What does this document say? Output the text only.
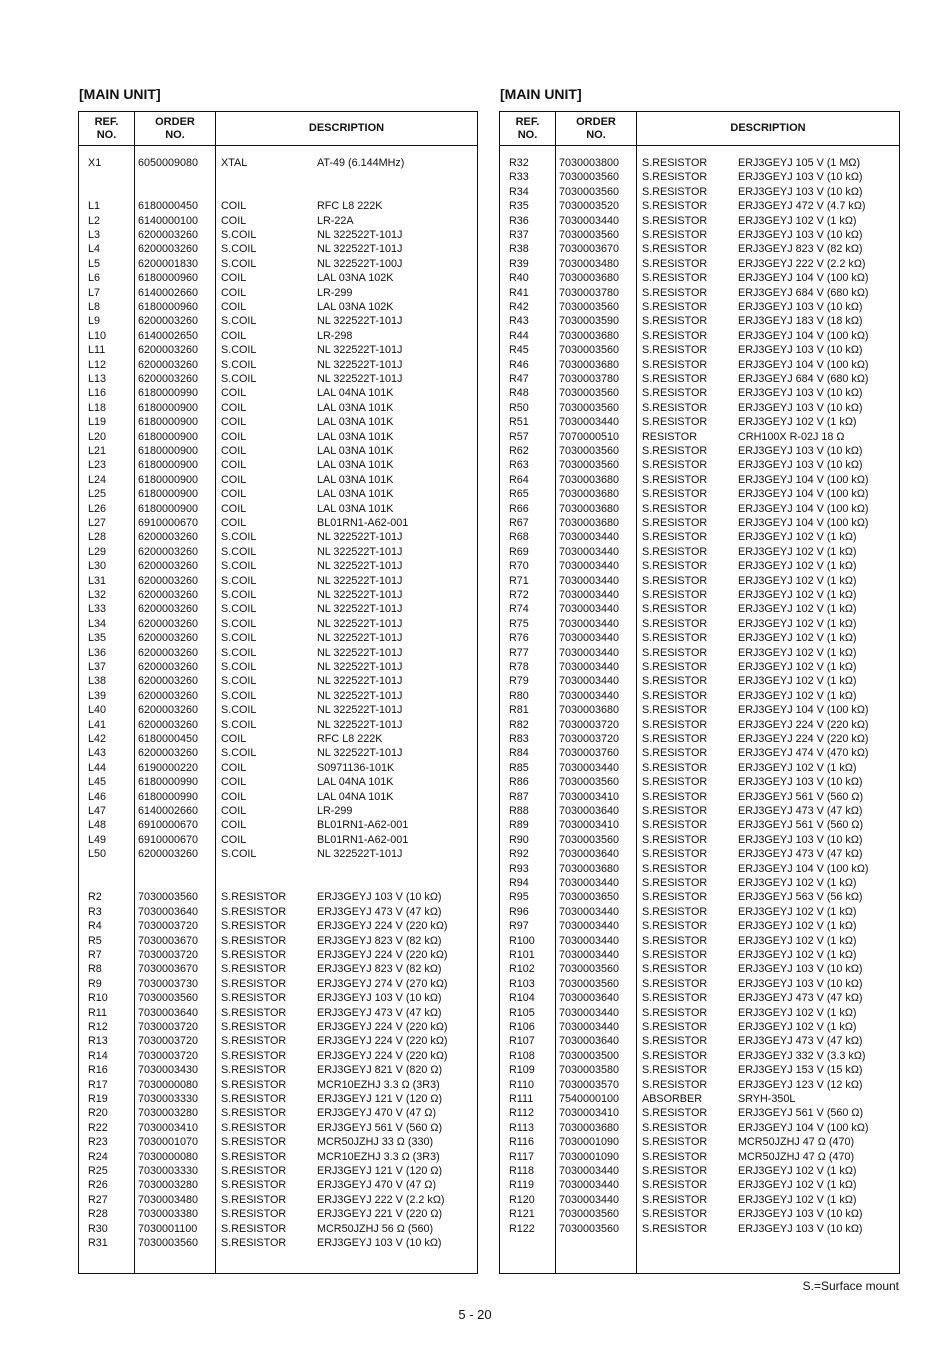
[MAIN UNIT]
REF.
NO.
ORDER
NO.
DESCRIPTION
X1	6050009080 XTAL	AT-49 (6.144MHz)
L1	6180000450 COIL	RFC L8 222K
L2	6140000100 COIL	LR-22A
L3	6200003260 S.COIL	NL 322522T-101J
L4	6200003260 S.COIL	NL 322522T-101J
L5	6200001830 S.COIL	NL 322522T-100J
L6	6180000960 COIL	LAL 03NA 102K
L7	6140002660 COIL	LR-299
L8	6180000960 COIL	LAL 03NA 102K
L9	6200003260 S.COIL	NL 322522T-101J
L10	6140002650 COIL	LR-298
L11	6200003260 S.COIL	NL 322522T-101J
L12	6200003260 S.COIL	NL 322522T-101J
L13	6200003260 S.COIL	NL 322522T-101J
L16	6180000990 COIL	LAL 04NA 101K
L18	6180000900 COIL	LAL 03NA 101K
L19	6180000900 COIL	LAL 03NA 101K
L20	6180000900 COIL	LAL 03NA 101K
L21	6180000900 COIL	LAL 03NA 101K
L23	6180000900 COIL	LAL 03NA 101K
L24	6180000900 COIL	LAL 03NA 101K
L25	6180000900 COIL	LAL 03NA 101K
L26	6180000900 COIL	LAL 03NA 101K
L27	6910000670 COIL	BL01RN1-A62-001
L28	6200003260 S.COIL	NL 322522T-101J
L29	6200003260 S.COIL	NL 322522T-101J
L30	6200003260 S.COIL	NL 322522T-101J
L31	6200003260 S.COIL	NL 322522T-101J
L32	6200003260 S.COIL	NL 322522T-101J
L33	6200003260 S.COIL	NL 322522T-101J
L34	6200003260 S.COIL	NL 322522T-101J
L35	6200003260 S.COIL	NL 322522T-101J
L36	6200003260 S.COIL	NL 322522T-101J
L37	6200003260 S.COIL	NL 322522T-101J
L38	6200003260 S.COIL	NL 322522T-101J
L39	6200003260 S.COIL	NL 322522T-101J
L40	6200003260 S.COIL	NL 322522T-101J
L41	6200003260 S.COIL	NL 322522T-101J
L42	6180000450 COIL	RFC L8 222K
L43	6200003260 S.COIL	NL 322522T-101J
L44	6190000220 COIL	S0971136-101K
L45	6180000990 COIL	LAL 04NA 101K
L46	6180000990 COIL	LAL 04NA 101K
L47	6140002660 COIL	LR-299
L48	6910000670 COIL	BL01RN1-A62-001
L49	6910000670 COIL	BL01RN1-A62-001
L50	6200003260 S.COIL	NL 322522T-101J
R2	7030003560 S.RESISTOR	ERJ3GEYJ 103 V (10 kΩ)
R3	7030003640 S.RESISTOR	ERJ3GEYJ 473 V (47 kΩ)
R4	7030003720 S.RESISTOR	ERJ3GEYJ 224 V (220 kΩ)
R5	7030003670 S.RESISTOR	ERJ3GEYJ 823 V (82 kΩ)
R7	7030003720 S.RESISTOR	ERJ3GEYJ 224 V (220 kΩ)
R8	7030003670 S.RESISTOR	ERJ3GEYJ 823 V (82 kΩ)
R9	7030003730 S.RESISTOR	ERJ3GEYJ 274 V (270 kΩ)
R10	7030003560 S.RESISTOR	ERJ3GEYJ 103 V (10 kΩ)
R11	7030003640 S.RESISTOR	ERJ3GEYJ 473 V (47 kΩ)
R12	7030003720 S.RESISTOR	ERJ3GEYJ 224 V (220 kΩ)
R13	7030003720 S.RESISTOR	ERJ3GEYJ 224 V (220 kΩ)
R14	7030003720 S.RESISTOR	ERJ3GEYJ 224 V (220 kΩ)
R16	7030003430 S.RESISTOR	ERJ3GEYJ 821 V (820 Ω)
R17	7030000080 S.RESISTOR	MCR10EZHJ 3.3 Ω (3R3)
R19	7030003330 S.RESISTOR	ERJ3GEYJ 121 V (120 Ω)
R20	7030003280 S.RESISTOR	ERJ3GEYJ 470 V (47 Ω)
R22	7030003410 S.RESISTOR	ERJ3GEYJ 561 V (560 Ω)
R23	7030001070 S.RESISTOR	MCR50JZHJ 33 Ω (330)
R24	7030000080 S.RESISTOR	MCR10EZHJ 3.3 Ω (3R3)
R25	7030003330 S.RESISTOR	ERJ3GEYJ 121 V (120 Ω)
R26	7030003280 S.RESISTOR	ERJ3GEYJ 470 V (47 Ω)
R27	7030003480 S.RESISTOR	ERJ3GEYJ 222 V (2.2 kΩ)
R28	7030003380 S.RESISTOR	ERJ3GEYJ 221 V (220 Ω)
R30	7030001100 S.RESISTOR	MCR50JZHJ 56 Ω (560)
R31	7030003560 S.RESISTOR	ERJ3GEYJ 103 V (10 kΩ)
[MAIN UNIT]
REF.
NO.
ORDER
NO.
DESCRIPTION
R32	7030003800 S.RESISTOR	ERJ3GEYJ 105 V (1 MΩ)
R33	7030003560 S.RESISTOR	ERJ3GEYJ 103 V (10 kΩ)
R34	7030003560 S.RESISTOR	ERJ3GEYJ 103 V (10 kΩ)
R35	7030003520 S.RESISTOR	ERJ3GEYJ 472 V (4.7 kΩ)
R36	7030003440 S.RESISTOR	ERJ3GEYJ 102 V (1 kΩ)
R37	7030003560 S.RESISTOR	ERJ3GEYJ 103 V (10 kΩ)
R38	7030003670 S.RESISTOR	ERJ3GEYJ 823 V (82 kΩ)
R39	7030003480 S.RESISTOR	ERJ3GEYJ 222 V (2.2 kΩ)
R40	7030003680 S.RESISTOR	ERJ3GEYJ 104 V (100 kΩ)
R41	7030003780 S.RESISTOR	ERJ3GEYJ 684 V (680 kΩ)
R42	7030003560 S.RESISTOR	ERJ3GEYJ 103 V (10 kΩ)
R43	7030003590 S.RESISTOR	ERJ3GEYJ 183 V (18 kΩ)
R44	7030003680 S.RESISTOR	ERJ3GEYJ 104 V (100 kΩ)
R45	7030003560 S.RESISTOR	ERJ3GEYJ 103 V (10 kΩ)
R46	7030003680 S.RESISTOR	ERJ3GEYJ 104 V (100 kΩ)
R47	7030003780 S.RESISTOR	ERJ3GEYJ 684 V (680 kΩ)
R48	7030003560 S.RESISTOR	ERJ3GEYJ 103 V (10 kΩ)
R50	7030003560 S.RESISTOR	ERJ3GEYJ 103 V (10 kΩ)
R51	7030003440 S.RESISTOR	ERJ3GEYJ 102 V (1 kΩ)
R57	7070000510 RESISTOR	CRH100X R-02J 18 Ω
R62	7030003560 S.RESISTOR	ERJ3GEYJ 103 V (10 kΩ)
R63	7030003560 S.RESISTOR	ERJ3GEYJ 103 V (10 kΩ)
R64	7030003680 S.RESISTOR	ERJ3GEYJ 104 V (100 kΩ)
R65	7030003680 S.RESISTOR	ERJ3GEYJ 104 V (100 kΩ)
R66	7030003680 S.RESISTOR	ERJ3GEYJ 104 V (100 kΩ)
R67	7030003680 S.RESISTOR	ERJ3GEYJ 104 V (100 kΩ)
R68	7030003440 S.RESISTOR	ERJ3GEYJ 102 V (1 kΩ)
R69	7030003440 S.RESISTOR	ERJ3GEYJ 102 V (1 kΩ)
R70	7030003440 S.RESISTOR	ERJ3GEYJ 102 V (1 kΩ)
R71	7030003440 S.RESISTOR	ERJ3GEYJ 102 V (1 kΩ)
R72	7030003440 S.RESISTOR	ERJ3GEYJ 102 V (1 kΩ)
R74	7030003440 S.RESISTOR	ERJ3GEYJ 102 V (1 kΩ)
R75	7030003440 S.RESISTOR	ERJ3GEYJ 102 V (1 kΩ)
R76	7030003440 S.RESISTOR	ERJ3GEYJ 102 V (1 kΩ)
R77	7030003440 S.RESISTOR	ERJ3GEYJ 102 V (1 kΩ)
R78	7030003440 S.RESISTOR	ERJ3GEYJ 102 V (1 kΩ)
R79	7030003440 S.RESISTOR	ERJ3GEYJ 102 V (1 kΩ)
R80	7030003440 S.RESISTOR	ERJ3GEYJ 102 V (1 kΩ)
R81	7030003680 S.RESISTOR	ERJ3GEYJ 104 V (100 kΩ)
R82	7030003720 S.RESISTOR	ERJ3GEYJ 224 V (220 kΩ)
R83	7030003720 S.RESISTOR	ERJ3GEYJ 224 V (220 kΩ)
R84	7030003760 S.RESISTOR	ERJ3GEYJ 474 V (470 kΩ)
R85	7030003440 S.RESISTOR	ERJ3GEYJ 102 V (1 kΩ)
R86	7030003560 S.RESISTOR	ERJ3GEYJ 103 V (10 kΩ)
R87	7030003410 S.RESISTOR	ERJ3GEYJ 561 V (560 Ω)
R88	7030003640 S.RESISTOR	ERJ3GEYJ 473 V (47 kΩ)
R89	7030003410 S.RESISTOR	ERJ3GEYJ 561 V (560 Ω)
R90	7030003560 S.RESISTOR	ERJ3GEYJ 103 V (10 kΩ)
R92	7030003640 S.RESISTOR	ERJ3GEYJ 473 V (47 kΩ)
R93	7030003680 S.RESISTOR	ERJ3GEYJ 104 V (100 kΩ)
R94	7030003440 S.RESISTOR	ERJ3GEYJ 102 V (1 kΩ)
R95	7030003650 S.RESISTOR	ERJ3GEYJ 563 V (56 kΩ)
R96	7030003440 S.RESISTOR	ERJ3GEYJ 102 V (1 kΩ)
R97	7030003440 S.RESISTOR	ERJ3GEYJ 102 V (1 kΩ)
R100 7030003440 S.RESISTOR	ERJ3GEYJ 102 V (1 kΩ)
R101 7030003440 S.RESISTOR	ERJ3GEYJ 102 V (1 kΩ)
R102 7030003560 S.RESISTOR	ERJ3GEYJ 103 V (10 kΩ)
R103 7030003560 S.RESISTOR	ERJ3GEYJ 103 V (10 kΩ)
R104 7030003640 S.RESISTOR	ERJ3GEYJ 473 V (47 kΩ)
R105 7030003440 S.RESISTOR	ERJ3GEYJ 102 V (1 kΩ)
R106 7030003440 S.RESISTOR	ERJ3GEYJ 102 V (1 kΩ)
R107 7030003640 S.RESISTOR	ERJ3GEYJ 473 V (47 kΩ)
R108 7030003500 S.RESISTOR	ERJ3GEYJ 332 V (3.3 kΩ)
R109 7030003580 S.RESISTOR	ERJ3GEYJ 153 V (15 kΩ)
R110 7030003570 S.RESISTOR	ERJ3GEYJ 123 V (12 kΩ)
R111 7540000100 ABSORBER	SRYH-350L
R112 7030003410 S.RESISTOR	ERJ3GEYJ 561 V (560 Ω)
R113 7030003680 S.RESISTOR	ERJ3GEYJ 104 V (100 kΩ)
R116 7030001090 S.RESISTOR	MCR50JZHJ 47 Ω (470)
R117 7030001090 S.RESISTOR	MCR50JZHJ 47 Ω (470)
R118 7030003440 S.RESISTOR	ERJ3GEYJ 102 V (1 kΩ)
R119 7030003440 S.RESISTOR	ERJ3GEYJ 102 V (1 kΩ)
R120 7030003440 S.RESISTOR	ERJ3GEYJ 102 V (1 kΩ)
R121 7030003560 S.RESISTOR	ERJ3GEYJ 103 V (10 kΩ)
R122 7030003560 S.RESISTOR	ERJ3GEYJ 103 V (10 kΩ)
S.=Surface mount
5 - 20
